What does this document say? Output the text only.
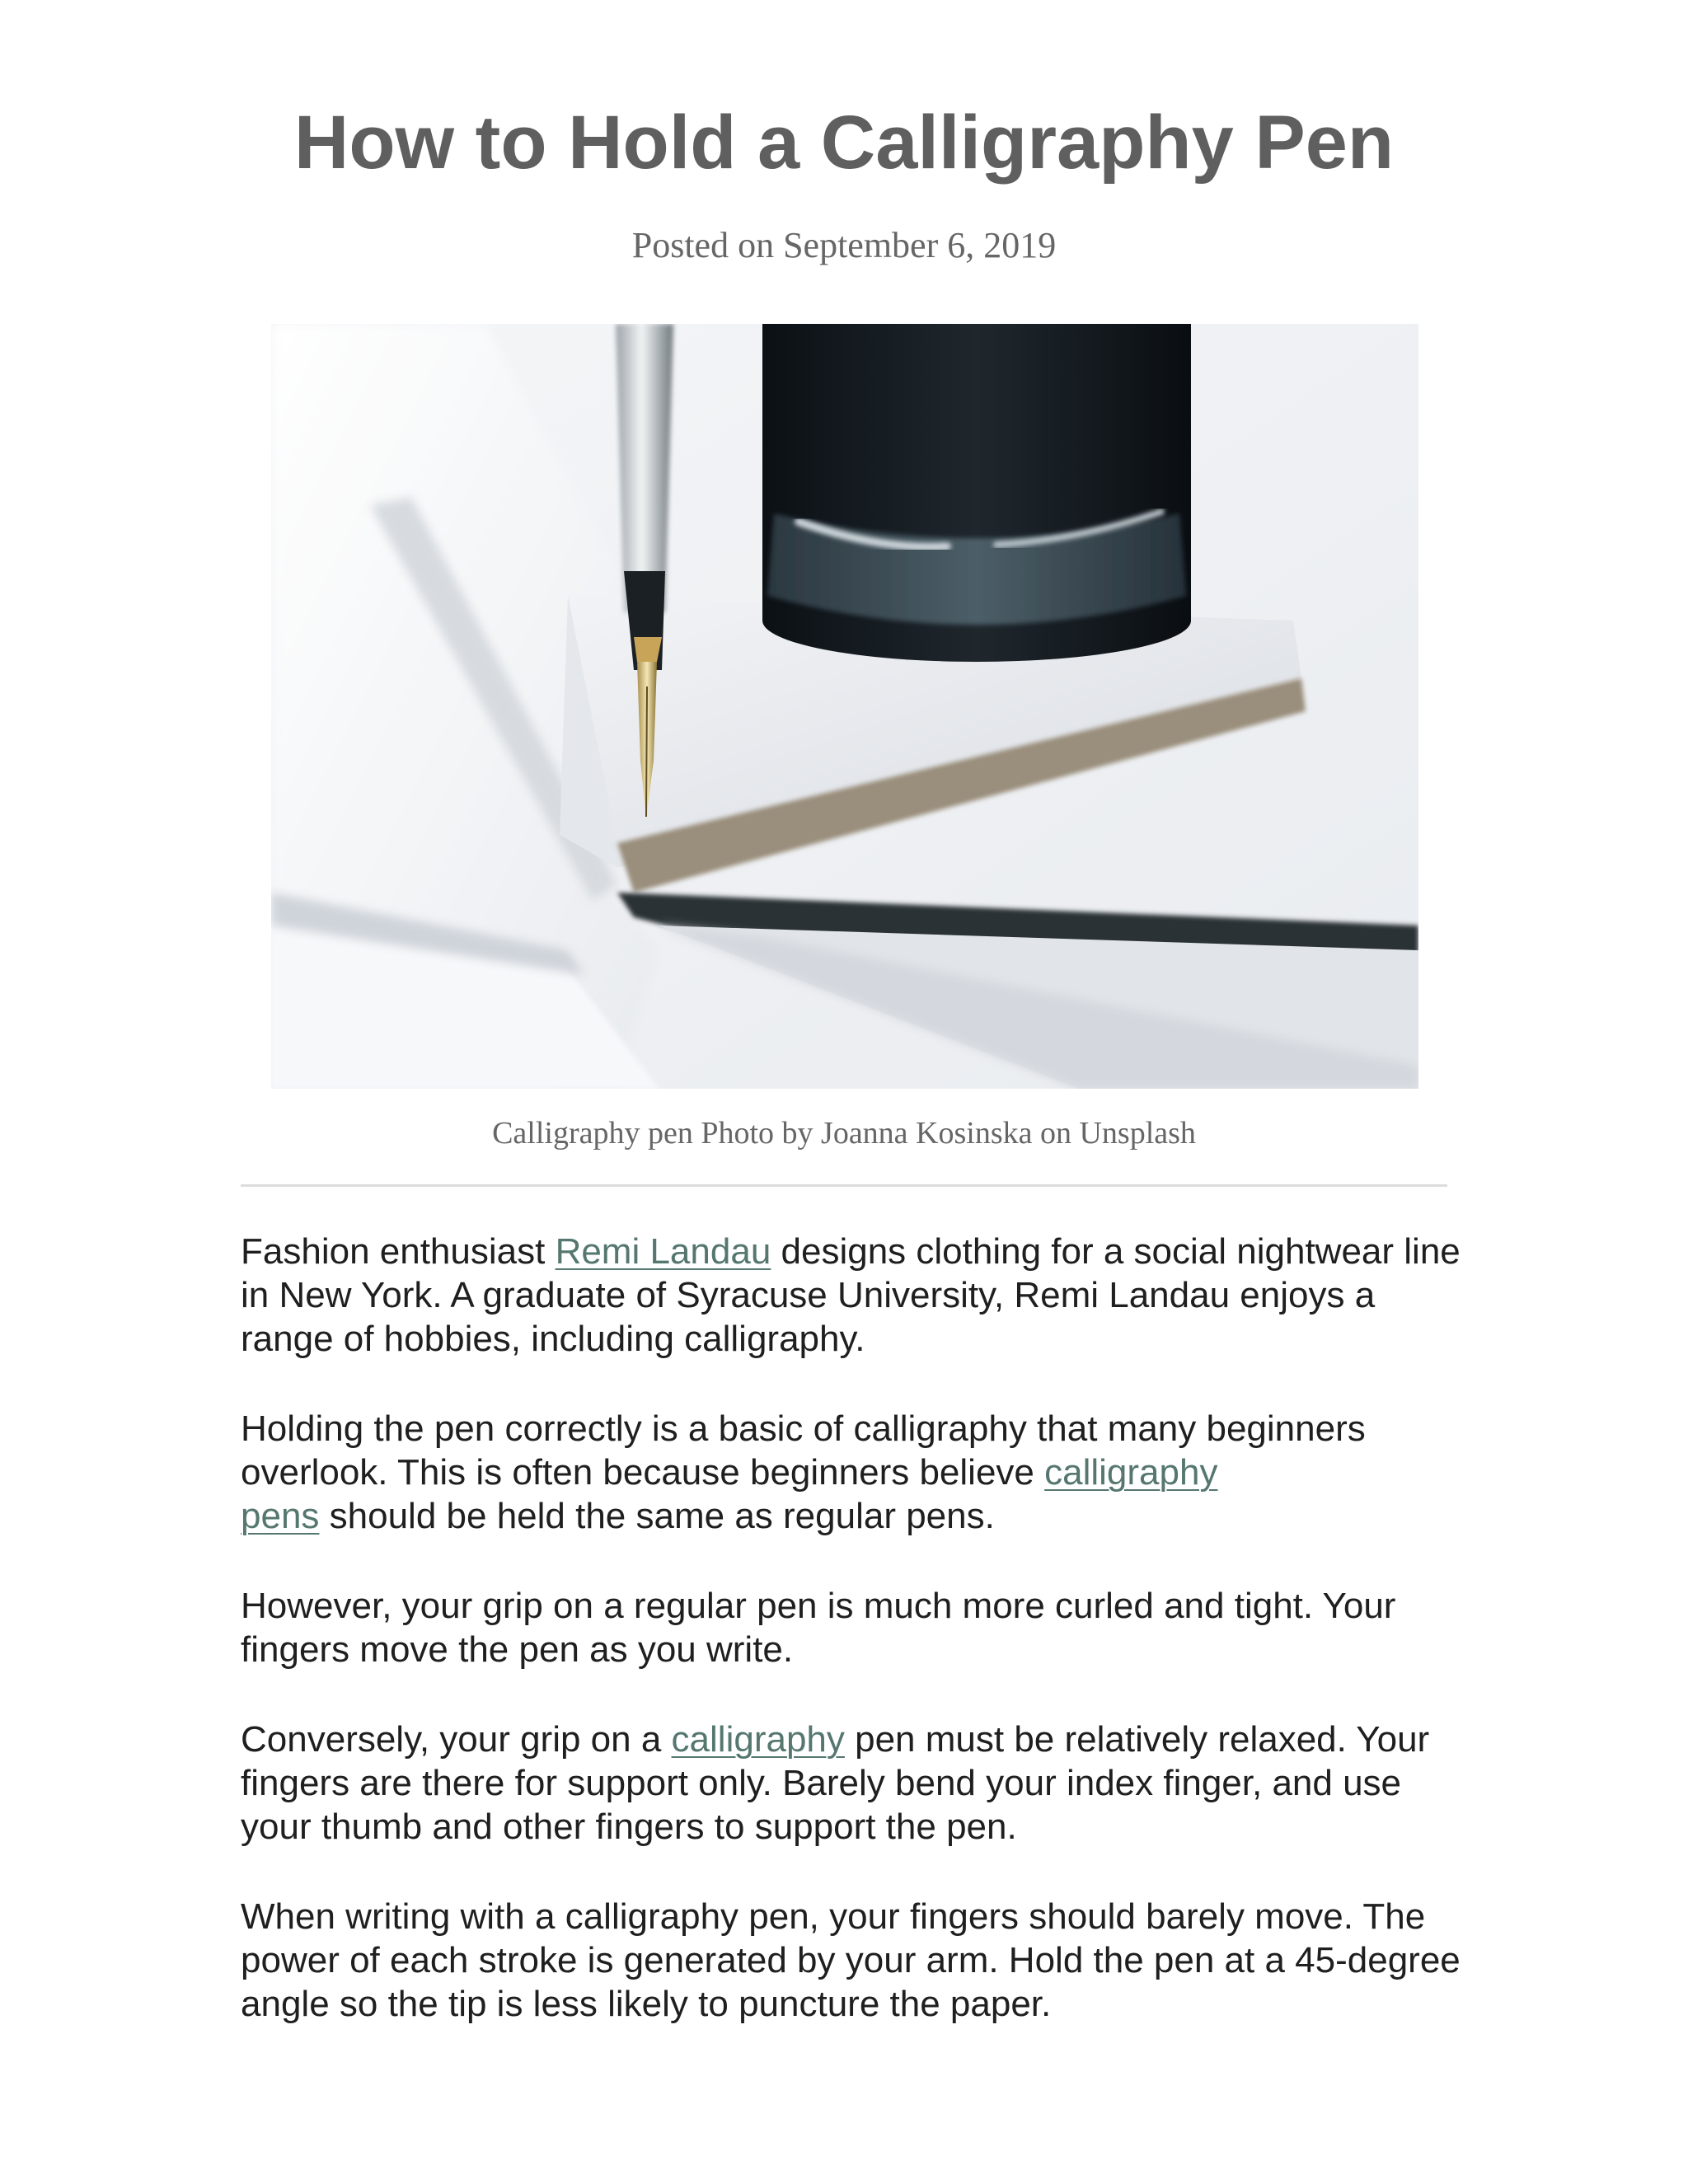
How to Hold a Calligraphy Pen
Posted on September 6, 2019
Calligraphy pen Photo by Joanna Kosinska on Unsplash

Fashion enthusiast Remi Landau designs clothing for a social nightwear line in New York. A graduate of Syracuse University, Remi Landau enjoys a range of hobbies, including calligraphy.

Holding the pen correctly is a basic of calligraphy that many beginners overlook. This is often because beginners believe calligraphy
pens should be held the same as regular pens.

However, your grip on a regular pen is much more curled and tight. Your fingers move the pen as you write.

Conversely, your grip on a calligraphy pen must be relatively relaxed. Your fingers are there for support only. Barely bend your index finger, and use your thumb and other fingers to support the pen.

When writing with a calligraphy pen, your fingers should barely move. The power of each stroke is generated by your arm. Hold the pen at a 45-degree angle so the tip is less likely to puncture the paper.
